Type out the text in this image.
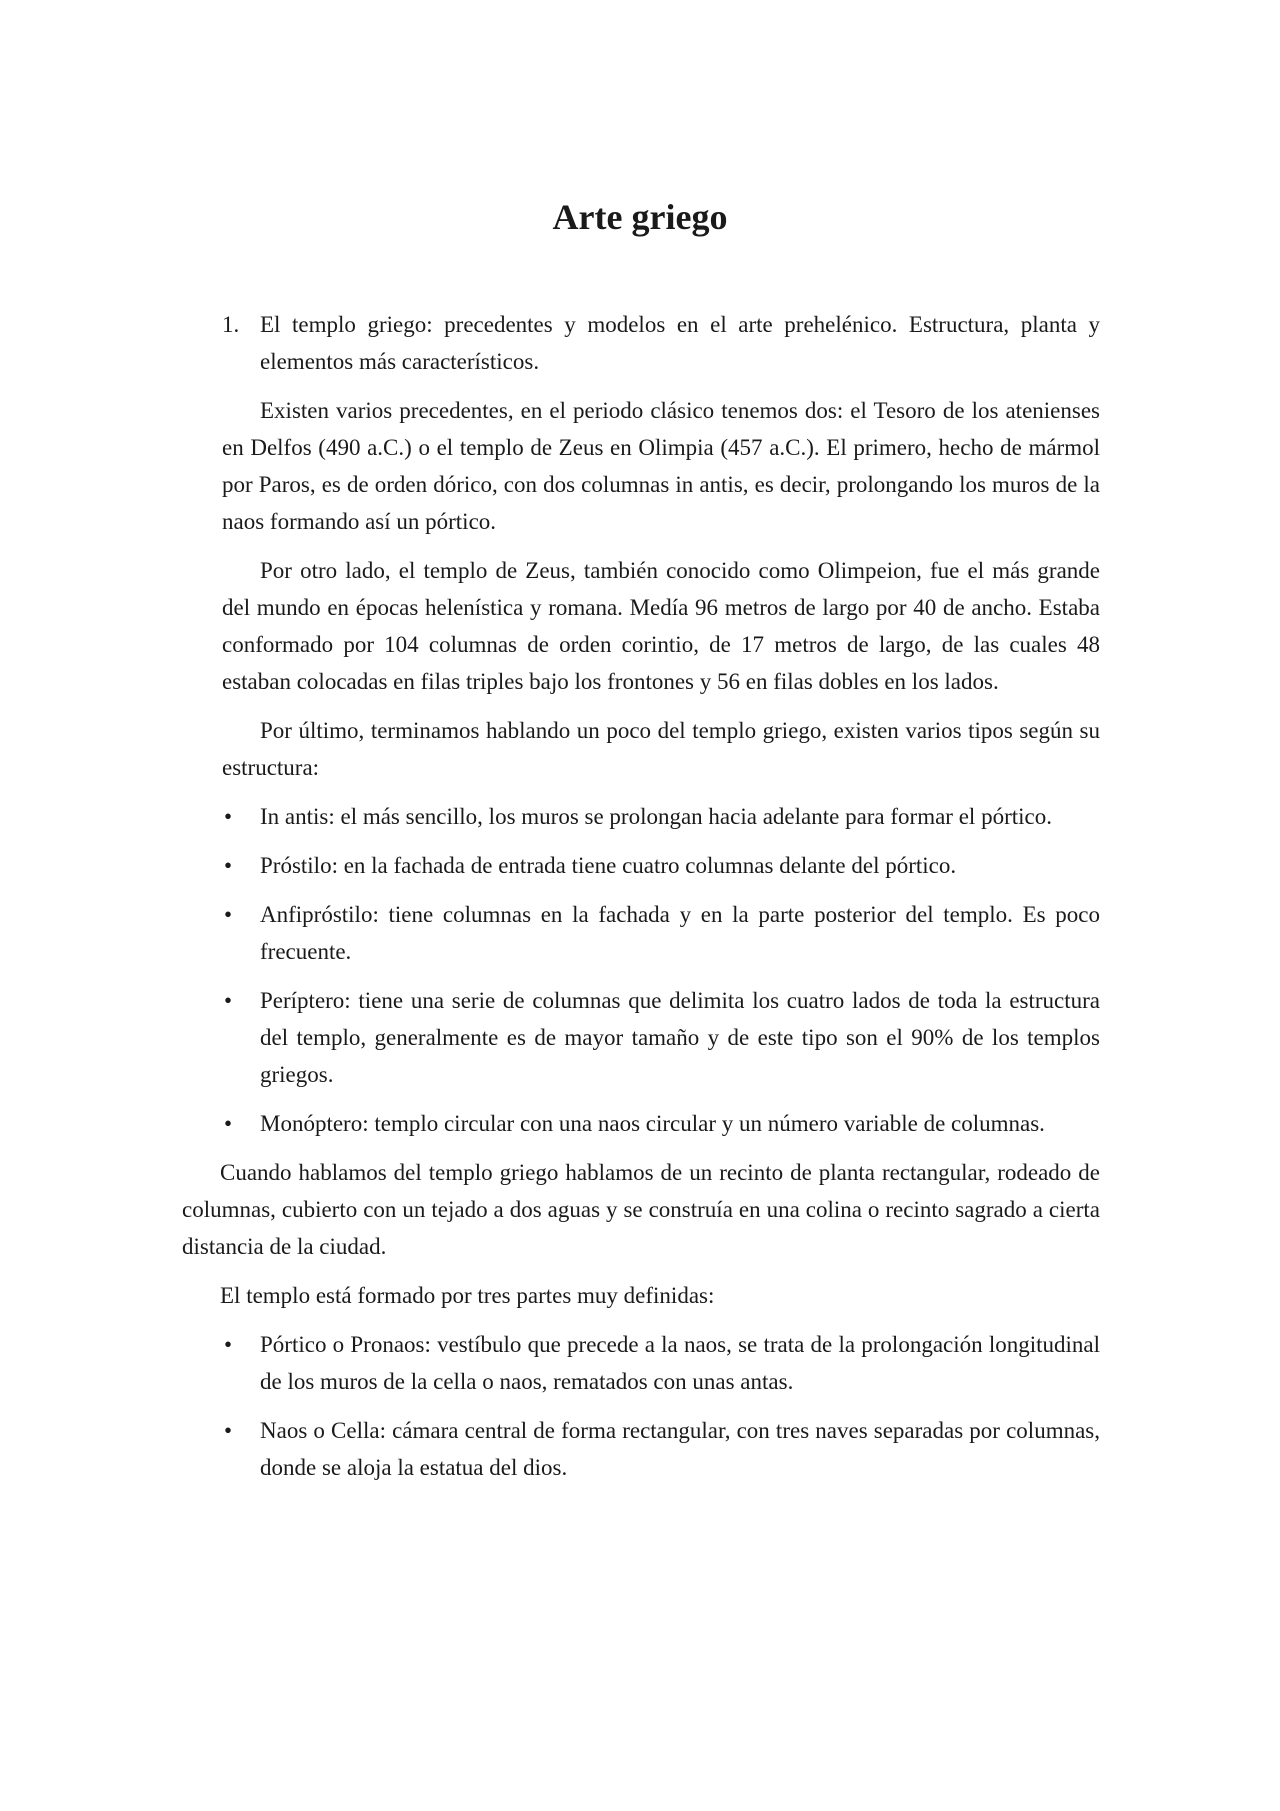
Arte griego
1. El templo griego: precedentes y modelos en el arte prehelénico. Estructura, planta y elementos más característicos.

Existen varios precedentes, en el periodo clásico tenemos dos: el Tesoro de los atenienses en Delfos (490 a.C.) o el templo de Zeus en Olimpia (457 a.C.). El primero, hecho de mármol por Paros, es de orden dórico, con dos columnas in antis, es decir, prolongando los muros de la naos formando así un pórtico.

Por otro lado, el templo de Zeus, también conocido como Olimpeion, fue el más grande del mundo en épocas helenística y romana. Medía 96 metros de largo por 40 de ancho. Estaba conformado por 104 columnas de orden corintio, de 17 metros de largo, de las cuales 48 estaban colocadas en filas triples bajo los frontones y 56 en filas dobles en los lados.

Por último, terminamos hablando un poco del templo griego, existen varios tipos según su estructura:

• In antis: el más sencillo, los muros se prolongan hacia adelante para formar el pórtico.
• Próstilo: en la fachada de entrada tiene cuatro columnas delante del pórtico.
• Anfipróstilo: tiene columnas en la fachada y en la parte posterior del templo. Es poco frecuente.
• Períptero: tiene una serie de columnas que delimita los cuatro lados de toda la estructura del templo, generalmente es de mayor tamaño y de este tipo son el 90% de los templos griegos.
• Monóptero: templo circular con una naos circular y un número variable de columnas.

Cuando hablamos del templo griego hablamos de un recinto de planta rectangular, rodeado de columnas, cubierto con un tejado a dos aguas y se construía en una colina o recinto sagrado a cierta distancia de la ciudad.

El templo está formado por tres partes muy definidas:

• Pórtico o Pronaos: vestíbulo que precede a la naos, se trata de la prolongación longitudinal de los muros de la cella o naos, rematados con unas antas.
• Naos o Cella: cámara central de forma rectangular, con tres naves separadas por columnas, donde se aloja la estatua del dios.
